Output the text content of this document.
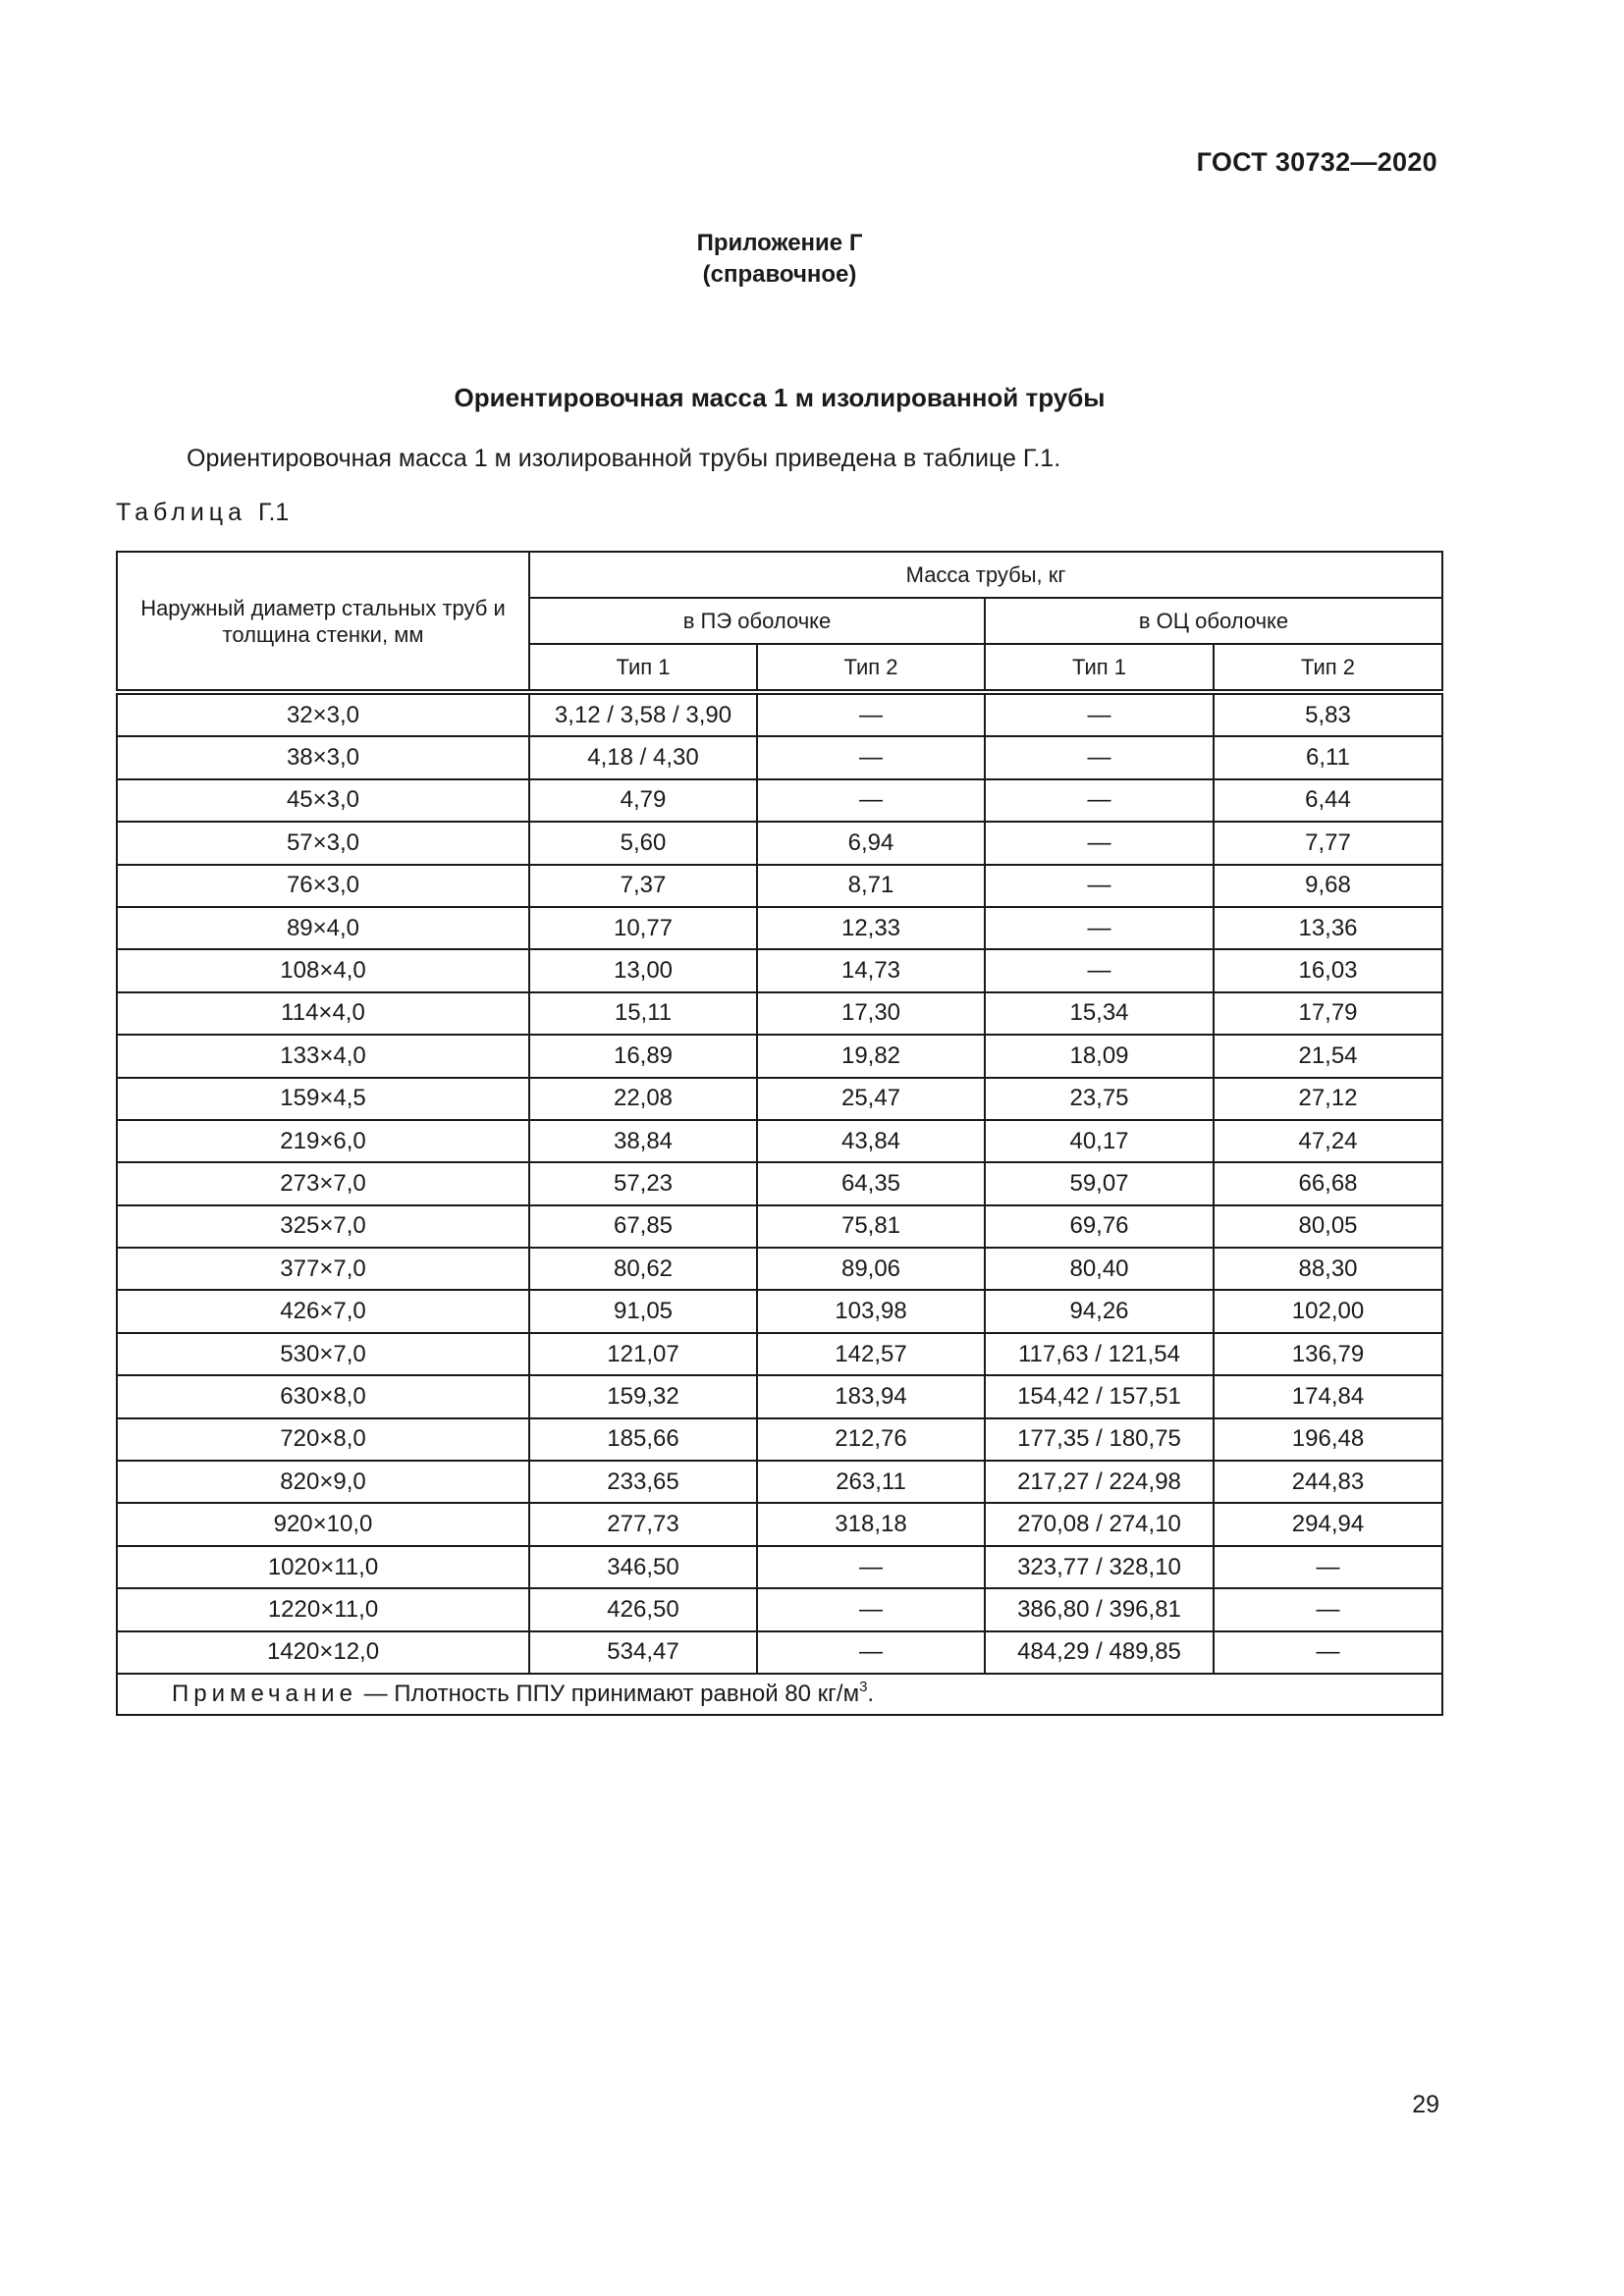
ГОСТ 30732—2020
Приложение Г
(справочное)
Ориентировочная масса 1 м изолированной трубы
Ориентировочная масса 1 м изолированной трубы приведена в таблице Г.1.
Таблица Г.1
Наружный диаметр стальных труб и толщина стенки, мм	Масса трубы, кг			
	в ПЭ оболочке		в ОЦ оболочке	
	Тип 1	Тип 2	Тип 1	Тип 2
32×3,0	3,12 / 3,58 / 3,90	—	—	5,83
38×3,0	4,18 / 4,30	—	—	6,11
45×3,0	4,79	—	—	6,44
57×3,0	5,60	6,94	—	7,77
76×3,0	7,37	8,71	—	9,68
89×4,0	10,77	12,33	—	13,36
108×4,0	13,00	14,73	—	16,03
114×4,0	15,11	17,30	15,34	17,79
133×4,0	16,89	19,82	18,09	21,54
159×4,5	22,08	25,47	23,75	27,12
219×6,0	38,84	43,84	40,17	47,24
273×7,0	57,23	64,35	59,07	66,68
325×7,0	67,85	75,81	69,76	80,05
377×7,0	80,62	89,06	80,40	88,30
426×7,0	91,05	103,98	94,26	102,00
530×7,0	121,07	142,57	117,63 / 121,54	136,79
630×8,0	159,32	183,94	154,42 / 157,51	174,84
720×8,0	185,66	212,76	177,35 / 180,75	196,48
820×9,0	233,65	263,11	217,27 / 224,98	244,83
920×10,0	277,73	318,18	270,08 / 274,10	294,94
1020×11,0	346,50	—	323,77 / 328,10	—
1220×11,0	426,50	—	386,80 / 396,81	—
1420×12,0	534,47	—	484,29 / 489,85	—
Примечание — Плотность ППУ принимают равной 80 $кг/м^3$.				
29
